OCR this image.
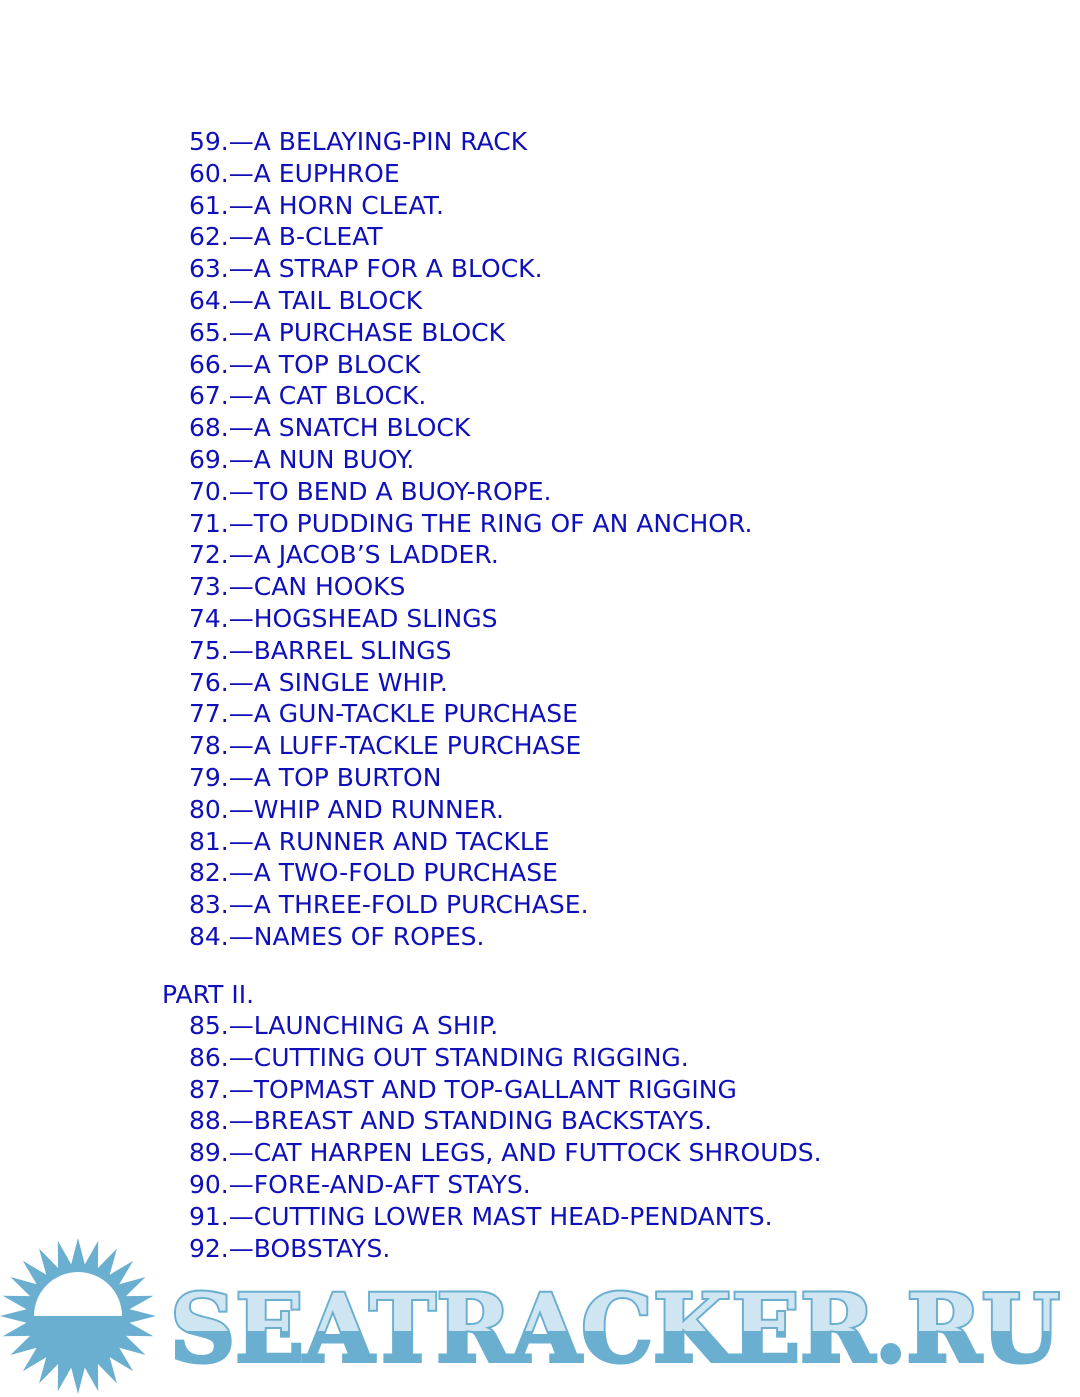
59.—A BELAYING-PIN RACK
60.—A EUPHROE
61.—A HORN CLEAT.
62.—A B-CLEAT
63.—A STRAP FOR A BLOCK.
64.—A TAIL BLOCK
65.—A PURCHASE BLOCK
66.—A TOP BLOCK
67.—A CAT BLOCK.
68.—A SNATCH BLOCK
69.—A NUN BUOY.
70.—TO BEND A BUOY-ROPE.
71.—TO PUDDING THE RING OF AN ANCHOR.
72.—A JACOB’S LADDER.
73.—CAN HOOKS
74.—HOGSHEAD SLINGS
75.—BARREL SLINGS
76.—A SINGLE WHIP.
77.—A GUN-TACKLE PURCHASE
78.—A LUFF-TACKLE PURCHASE
79.—A TOP BURTON
80.—WHIP AND RUNNER.
81.—A RUNNER AND TACKLE
82.—A TWO-FOLD PURCHASE
83.—A THREE-FOLD PURCHASE.
84.—NAMES OF ROPES.
PART II.
85.—LAUNCHING A SHIP.
86.—CUTTING OUT STANDING RIGGING.
87.—TOPMAST AND TOP-GALLANT RIGGING
88.—BREAST AND STANDING BACKSTAYS.
89.—CAT HARPEN LEGS, AND FUTTOCK SHROUDS.
90.—FORE-AND-AFT STAYS.
91.—CUTTING LOWER MAST HEAD-PENDANTS.
92.—BOBSTAYS.
SEATRACKER.RU
